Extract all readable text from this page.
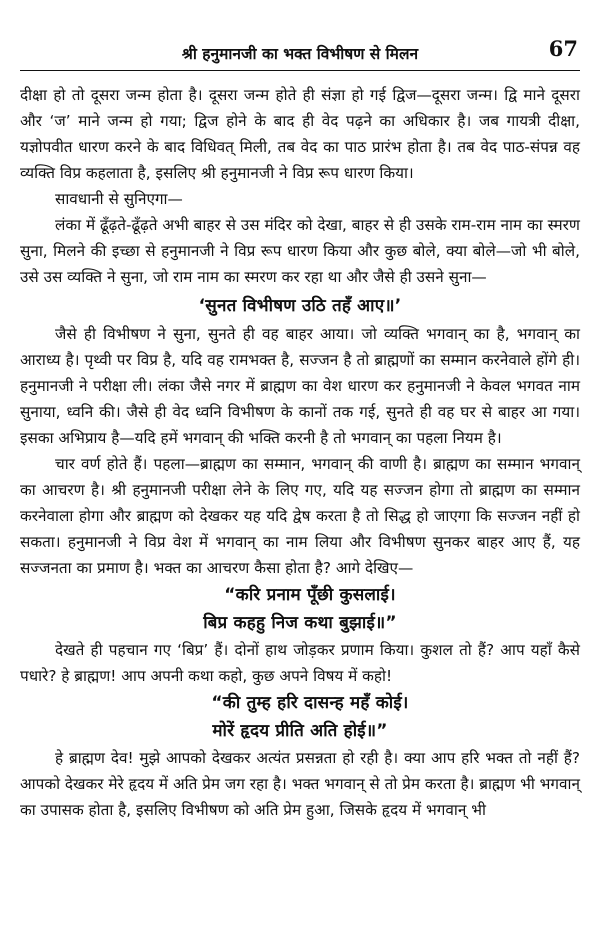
श्री हनुमानजी का भक्त विभीषण से मिलन	67

दीक्षा हो तो दूसरा जन्म होता है। दूसरा जन्म होते ही संज्ञा हो गई द्विज—दूसरा जन्म। द्वि माने दूसरा और ‘ज’ माने जन्म हो गया; द्विज होने के बाद ही वेद पढ़ने का अधिकार है। जब गायत्री दीक्षा, यज्ञोपवीत धारण करने के बाद विधिवत् मिली, तब वेद का पाठ प्रारंभ होता है। तब वेद पाठ-संपन्न वह व्यक्ति विप्र कहलाता है, इसलिए श्री हनुमानजी ने विप्र रूप धारण किया।

सावधानी से सुनिएगा—

लंका में ढूँढ़ते-ढूँढ़ते अभी बाहर से उस मंदिर को देखा, बाहर से ही उसके राम-राम नाम का स्मरण सुना, मिलने की इच्छा से हनुमानजी ने विप्र रूप धारण किया और कुछ बोले, क्या बोले—जो भी बोले, उसे उस व्यक्ति ने सुना, जो राम नाम का स्मरण कर रहा था और जैसे ही उसने सुना—

‘सुनत विभीषण उठि तहँ आए॥’

जैसे ही विभीषण ने सुना, सुनते ही वह बाहर आया। जो व्यक्ति भगवान् का है, भगवान् का आराध्य है। पृथ्वी पर विप्र है, यदि वह रामभक्त है, सज्जन है तो ब्राह्मणों का सम्मान करनेवाले होंगे ही। हनुमानजी ने परीक्षा ली। लंका जैसे नगर में ब्राह्मण का वेश धारण कर हनुमानजी ने केवल भगवत नाम सुनाया, ध्वनि की। जैसे ही वेद ध्वनि विभीषण के कानों तक गई, सुनते ही वह घर से बाहर आ गया। इसका अभिप्राय है—यदि हमें भगवान् की भक्ति करनी है तो भगवान् का पहला नियम है।

चार वर्ण होते हैं। पहला—ब्राह्मण का सम्मान, भगवान् की वाणी है। ब्राह्मण का सम्मान भगवान् का आचरण है। श्री हनुमानजी परीक्षा लेने के लिए गए, यदि यह सज्जन होगा तो ब्राह्मण का सम्मान करनेवाला होगा और ब्राह्मण को देखकर यह यदि द्वेष करता है तो सिद्ध हो जाएगा कि सज्जन नहीं हो सकता। हनुमानजी ने विप्र वेश में भगवान् का नाम लिया और विभीषण सुनकर बाहर आए हैं, यह सज्जनता का प्रमाण है। भक्त का आचरण कैसा होता है? आगे देखिए—

“करि प्रनाम पूँछी कुसलाई।

बिप्र कहहु निज कथा बुझाई॥”

देखते ही पहचान गए ‘बिप्र’ हैं। दोनों हाथ जोड़कर प्रणाम किया। कुशल तो हैं? आप यहाँ कैसे पधारे? हे ब्राह्मण! आप अपनी कथा कहो, कुछ अपने विषय में कहो!

“की तुम्ह हरि दासन्ह महँ कोई।

मोरें हृदय प्रीति अति होई॥”

हे ब्राह्मण देव! मुझे आपको देखकर अत्यंत प्रसन्नता हो रही है। क्या आप हरि भक्त तो नहीं हैं? आपको देखकर मेरे हृदय में अति प्रेम जग रहा है। भक्त भगवान् से तो प्रेम करता है। ब्राह्मण भी भगवान् का उपासक होता है, इसलिए विभीषण को अति प्रेम हुआ, जिसके हृदय में भगवान् भी
